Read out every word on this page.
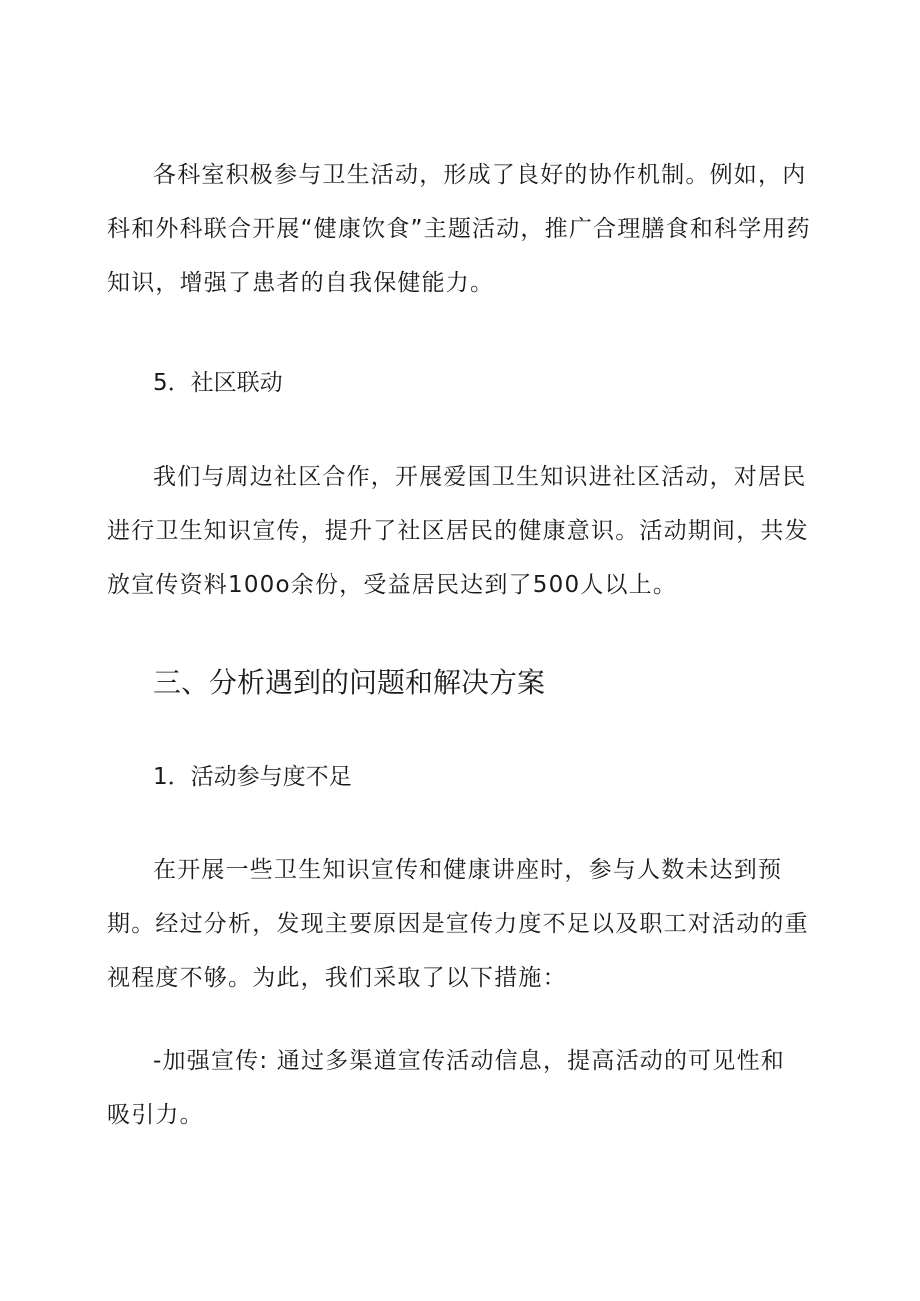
各科室积极参与卫生活动，形成了良好的协作机制。例如，内科和外科联合开展“健康饮食”主题活动，推广合理膳食和科学用药知识，增强了患者的自我保健能力。

5．社区联动

我们与周边社区合作，开展爱国卫生知识进社区活动，对居民进行卫生知识宣传，提升了社区居民的健康意识。活动期间，共发放宣传资料100o余份，受益居民达到了500人以上。

三、分析遇到的问题和解决方案

1．活动参与度不足

在开展一些卫生知识宣传和健康讲座时，参与人数未达到预期。经过分析，发现主要原因是宣传力度不足以及职工对活动的重视程度不够。为此，我们采取了以下措施：

-加强宣传: 通过多渠道宣传活动信息，提高活动的可见性和吸引力。
